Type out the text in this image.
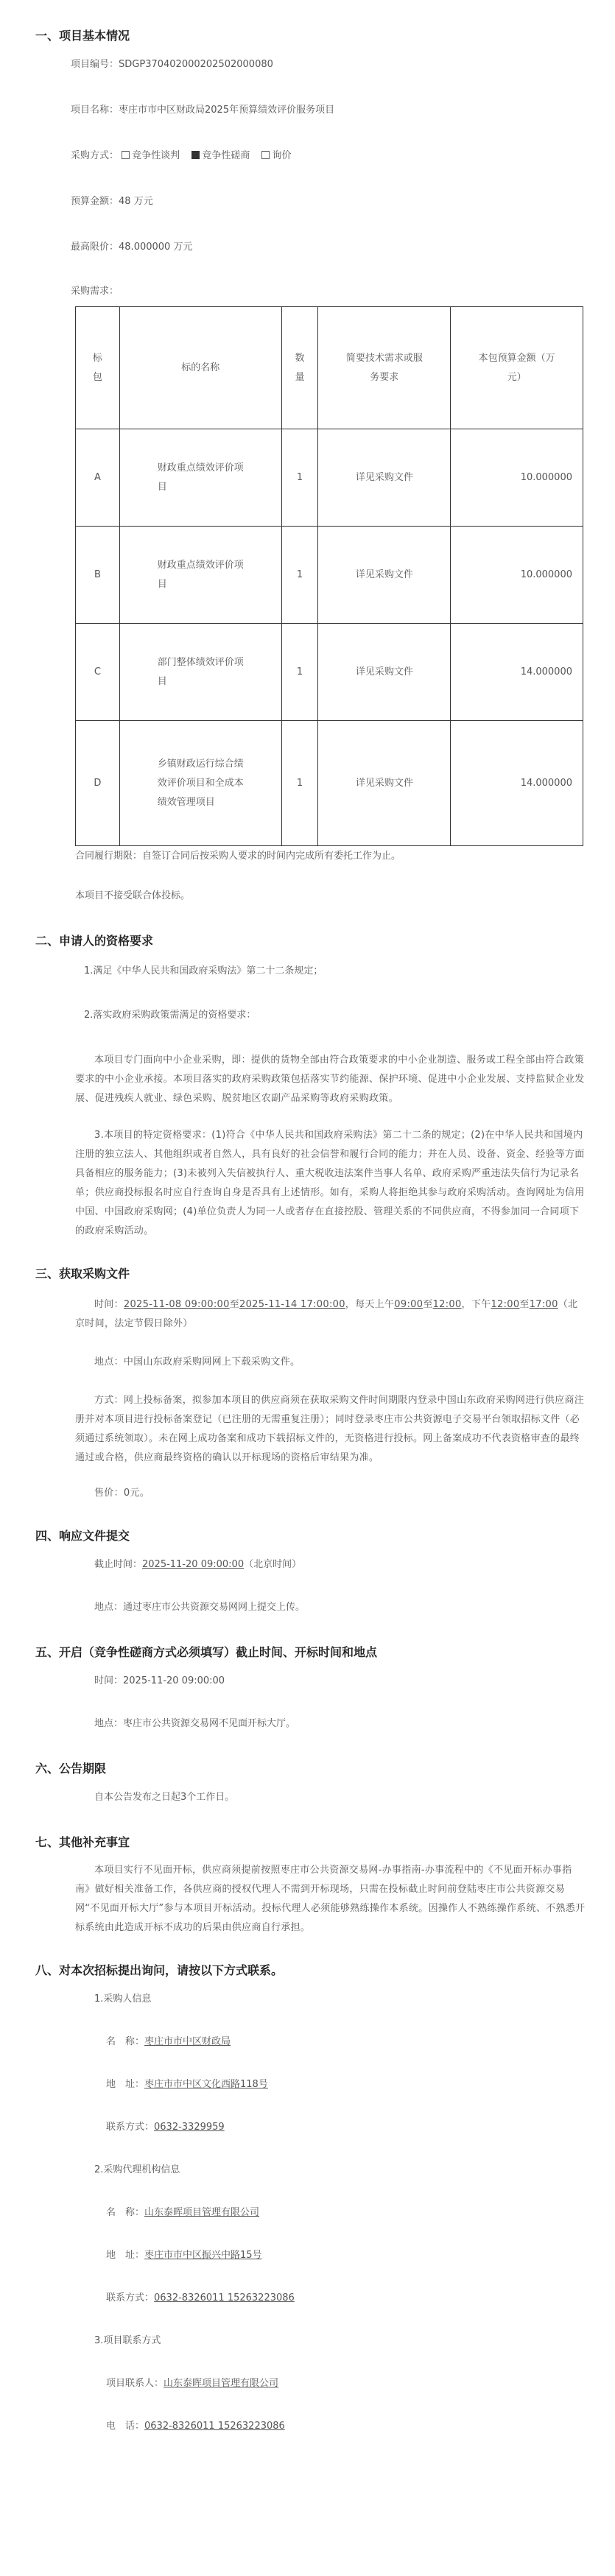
一、项目基本情况

项目编号：SDGP370402000202502000080

项目名称：枣庄市市中区财政局2025年预算绩效评价服务项目

采购方式： 竞争性谈判 竞争性磋商 询价

预算金额：48 万元

最高限价：48.000000 万元

采购需求：

标包	标的名称	数量	简要技术需求或服务要求	本包预算金额（万元）

A	财政重点绩效评价项目	1	详见采购文件	10.000000
B	财政重点绩效评价项目	1	详见采购文件	10.000000
C	部门整体绩效评价项目	1	详见采购文件	14.000000
D	乡镇财政运行综合绩效评价项目和全成本绩效管理项目	1	详见采购文件	14.000000

合同履行期限：自签订合同后按采购人要求的时间内完成所有委托工作为止。

本项目不接受联合体投标。

二、申请人的资格要求

1.满足《中华人民共和国政府采购法》第二十二条规定；

2.落实政府采购政策需满足的资格要求：

本项目专门面向中小企业采购，即：提供的货物全部由符合政策要求的中小企业制造、服务或工程全部由符合政策要求的中小企业承接。本项目落实的政府采购政策包括落实节约能源、保护环境、促进中小企业发展、支持监狱企业发展、促进残疾人就业、绿色采购、脱贫地区农副产品采购等政府采购政策。

3.本项目的特定资格要求：(1)符合《中华人民共和国政府采购法》第二十二条的规定；(2)在中华人民共和国境内注册的独立法人、其他组织或者自然人，具有良好的社会信誉和履行合同的能力；并在人员、设备、资金、经验等方面具备相应的服务能力；(3)未被列入失信被执行人、重大税收违法案件当事人名单、政府采购严重违法失信行为记录名单；供应商投标报名时应自行查询自身是否具有上述情形。如有，采购人将拒绝其参与政府采购活动。查询网址为信用中国、中国政府采购网；(4)单位负责人为同一人或者存在直接控股、管理关系的不同供应商，不得参加同一合同项下的政府采购活动。

三、获取采购文件

时间：2025-11-08 09:00:00至2025-11-14 17:00:00，每天上午09:00至12:00，下午12:00至17:00（北京时间，法定节假日除外）

地点：中国山东政府采购网网上下载采购文件。

方式：网上投标备案，拟参加本项目的供应商须在获取采购文件时间期限内登录中国山东政府采购网进行供应商注册并对本项目进行投标备案登记（已注册的无需重复注册）；同时登录枣庄市公共资源电子交易平台领取招标文件（必须通过系统领取）。未在网上成功备案和成功下载招标文件的，无资格进行投标。网上备案成功不代表资格审查的最终通过或合格，供应商最终资格的确认以开标现场的资格后审结果为准。

售价：0元。

四、响应文件提交

截止时间：2025-11-20 09:00:00（北京时间）

地点：通过枣庄市公共资源交易网网上提交上传。

五、开启（竞争性磋商方式必须填写）截止时间、开标时间和地点

时间：2025-11-20 09:00:00

地点：枣庄市公共资源交易网不见面开标大厅。

六、公告期限

自本公告发布之日起3个工作日。

七、其他补充事宜

本项目实行不见面开标，供应商须提前按照枣庄市公共资源交易网-办事指南-办事流程中的《不见面开标办事指南》做好相关准备工作，各供应商的授权代理人不需到开标现场，只需在投标截止时间前登陆枣庄市公共资源交易网“不见面开标大厅”参与本项目开标活动。投标代理人必须能够熟练操作本系统。因操作人不熟练操作系统、不熟悉开标系统由此造成开标不成功的后果由供应商自行承担。

八、对本次招标提出询问，请按以下方式联系。

1.采购人信息

名　称：枣庄市市中区财政局

地　址：枣庄市市中区文化西路118号

联系方式：0632-3329959

2.采购代理机构信息

名　称：山东泰晖项目管理有限公司

地　址：枣庄市市中区振兴中路15号

联系方式：0632-8326011 15263223086

3.项目联系方式

项目联系人：山东泰晖项目管理有限公司

电　话：0632-8326011 15263223086
